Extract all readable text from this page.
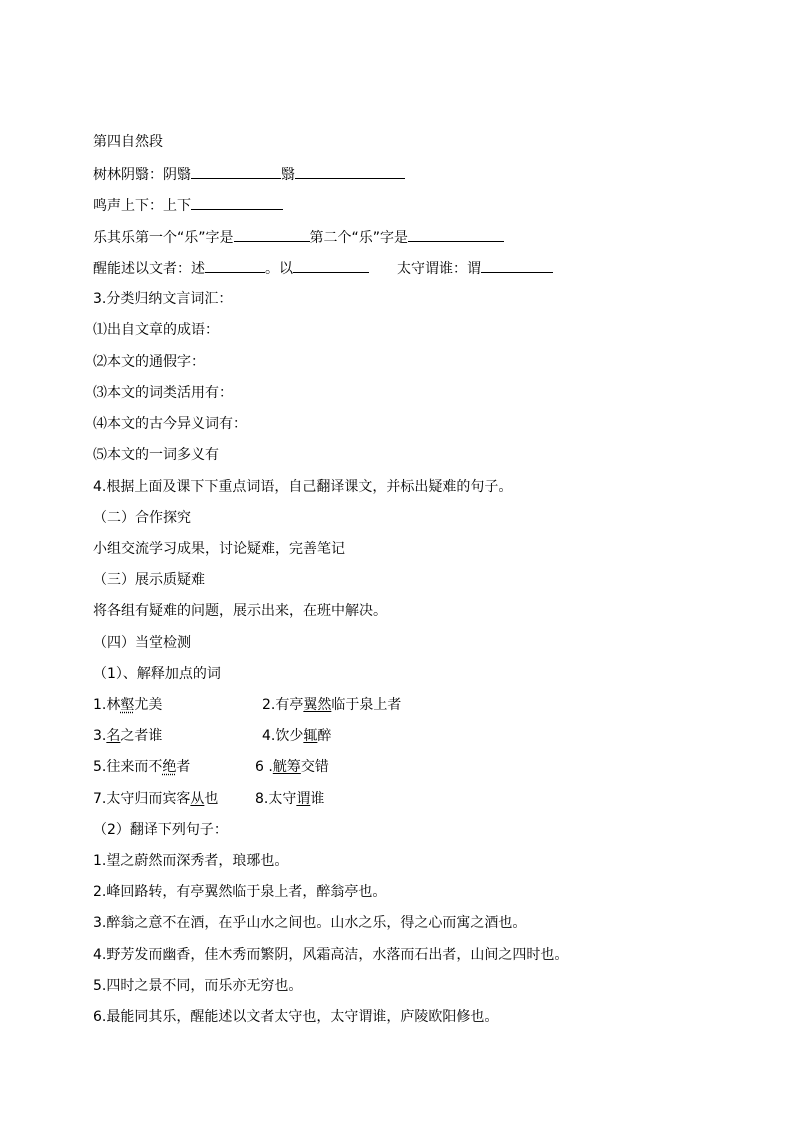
第四自然段
树林阴翳：阴翳	翳
鸣声上下：上下
乐其乐第一个“乐”字是	第二个“乐”字是
醒能述以文者：述	。以	太守谓谁：谓
3.分类归纳文言词汇：
⑴出自文章的成语：
⑵本文的通假字：
⑶本文的词类活用有：
⑷本文的古今异义词有：
⑸本文的一词多义有
4.根据上面及课下下重点词语，自己翻译课文，并标出疑难的句子。
（二）合作探究
小组交流学习成果，讨论疑难，完善笔记
（三）展示质疑难
将各组有疑难的问题，展示出来，在班中解决。
（四）当堂检测
（1）、解释加点的词
1.林壑尤美	2.有亭翼然临于泉上者
3.名之者谁	4.饮少辄醉
5.往来而不绝者	6 .觥筹交错
7.太守归而宾客从也	8.太守谓谁
（2）翻译下列句子：
1.望之蔚然而深秀者，琅琊也。
2.峰回路转，有亭翼然临于泉上者，醉翁亭也。
3.醉翁之意不在酒，在乎山水之间也。山水之乐，得之心而寓之酒也。
4.野芳发而幽香，佳木秀而繁阴，风霜高洁，水落而石出者，山间之四时也。
5.四时之景不同，而乐亦无穷也。
6.最能同其乐，醒能述以文者太守也，太守谓谁，庐陵欧阳修也。
